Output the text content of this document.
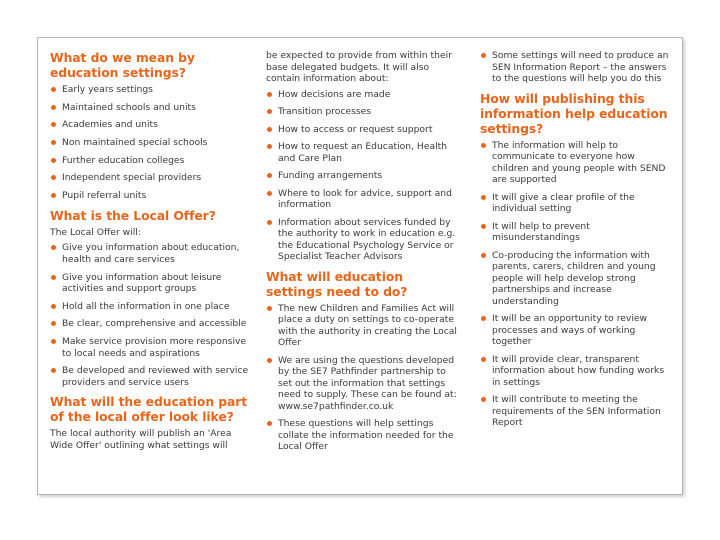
What do we mean by education settings?
Early years settings
Maintained schools and units
Academies and units
Non maintained special schools
Further education colleges
Independent special providers
Pupil referral units
What is the Local Offer?

The Local Offer will:

Give you information about education, health and care services
Give you information about leisure activities and support groups
Hold all the information in one place
Be clear, comprehensive and accessible
Make service provision more responsive to local needs and aspirations
Be developed and reviewed with service providers and service users
What will the education part of the local offer look like?

The local authority will publish an 'Area Wide Offer' outlining what settings will

be expected to provide from within their base delegated budgets. It will also contain information about:

How decisions are made
Transition processes
How to access or request support
How to request an Education, Health and Care Plan
Funding arrangements
Where to look for advice, support and information
Information about services funded by the authority to work in education e.g. the Educational Psychology Service or Specialist Teacher Advisors
What will education settings need to do?
The new Children and Families Act will place a duty on settings to co-operate with the authority in creating the Local Offer
We are using the questions developed by the SE7 Pathfinder partnership to set out the information that settings need to supply. These can be found at: www.se7pathfinder.co.uk
These questions will help settings collate the information needed for the Local Offer
Some settings will need to produce an SEN Information Report – the answers to the questions will help you do this
How will publishing this information help education settings?
The information will help to communicate to everyone how children and young people with SEND are supported
It will give a clear profile of the individual setting
It will help to prevent misunderstandings
Co-producing the information with parents, carers, children and young people will help develop strong partnerships and increase understanding
It will be an opportunity to review processes and ways of working together
It will provide clear, transparent information about how funding works in settings
It will contribute to meeting the requirements of the SEN Information Report
